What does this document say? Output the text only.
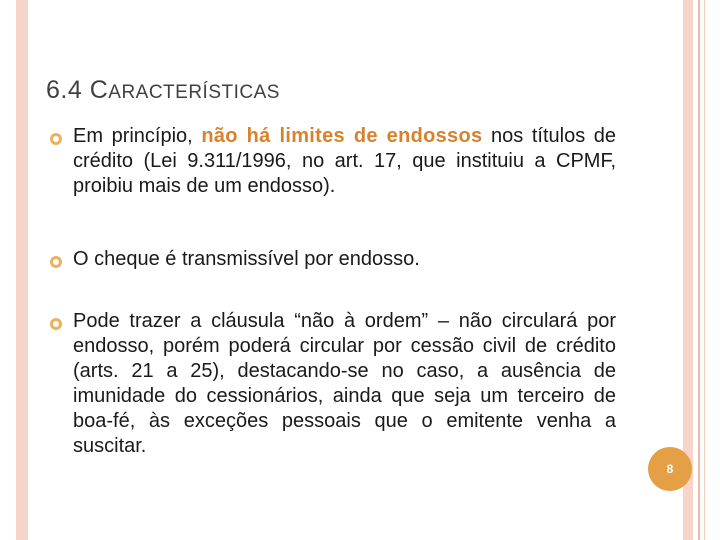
6.4 CARACTERÍSTICAS
Em princípio, não há limites de endossos nos títulos de crédito (Lei 9.311/1996, no art. 17, que instituiu a CPMF, proibiu mais de um endosso).
O cheque é transmissível por endosso.
Pode trazer a cláusula “não à ordem” – não circulará por endosso, porém poderá circular por cessão civil de crédito (arts. 21 a 25), destacando-se no caso, a ausência de imunidade do cessionários, ainda que seja um terceiro de boa-fé, às exceções pessoais que o emitente venha a suscitar.
8
